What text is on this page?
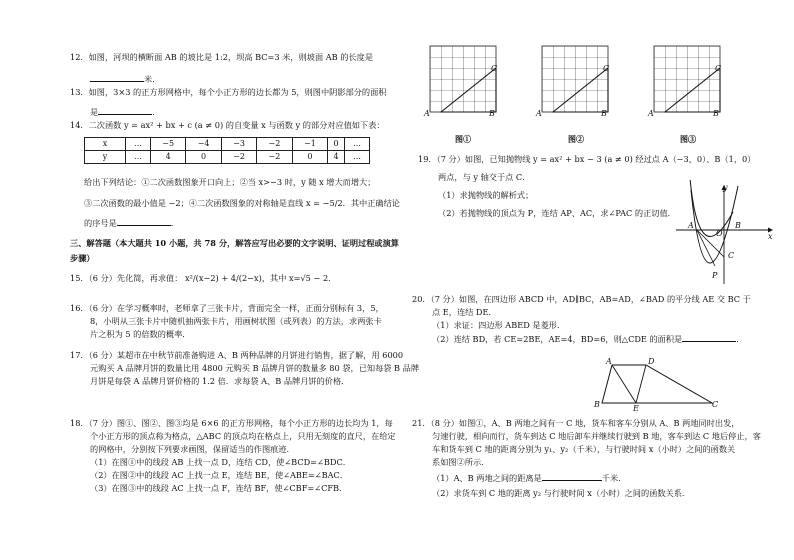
12．如图，河坝的横断面 AB 的坡比是 1:2，坝高 BC=3 米，则坡面 AB 的长度是
米．
13．如图，3×3 的正方形网格中，每个小正方形的边长都为 5，则图中阴影部分的面积
是	．
14．二次函数 y = ax² + bx + c (a ≠ 0) 的自变量 x 与函数 y 的部分对应值如下表：
x	…	−5	−4	−3	−2	−1	0	…
y	…	4	0	−2	−2	0	4	…
给出下列结论：①二次函数图象开口向上；②当 x>−3 时，y 随 x 增大而增大；
③二次函数的最小值是 −2；④二次函数图象的对称轴是直线 x = −5/2．其中正确结论
的序号是	．
三、解答题（本大题共 10 小题，共 78 分，解答应写出必要的文字说明、证明过程或演算
步骤）
15．（6 分）先化简，再求值： x²/(x−2) + 4/(2−x)，其中 x=√5 − 2．
16．（6 分）在学习概率时，老师拿了三张卡片，背面完全一样，正面分别标有 3，5，
8，小明从三张卡片中随机抽两张卡片，用画树状图（或列表）的方法，求两张卡
片之积为 5 的倍数的概率．
17．（6 分）某超市在中秋节前准备购进 A、B 两种品牌的月饼进行销售，据了解，用 6000
元购买 A 品牌月饼的数量比用 4800 元购买 B 品牌月饼的数量多 80 袋，已知每袋 B 品牌
月饼是每袋 A 品牌月饼价格的 1.2 倍．求每袋 A、B 品牌月饼的价格．
18．（7 分）图①、图②、图③均是 6×6 的正方形网格，每个小正方形的边长均为 1，每
个小正方形的顶点称为格点，△ABC 的顶点均在格点上，只用无刻度的直尺，在给定
的网格中，分别按下列要求画图，保留适当的作图痕迹．
（1）在图①中的线段 AB 上找一点 D，连结 CD，使∠BCD=∠BDC．
（2）在图②中的线段 AC 上找一点 E，连结 BE，使∠ABE=∠BAC．
（3）在图③中的线段 AC 上找一点 F，连结 BF，使∠CBF=∠CFB．
A	B
C
A	B
C
A	B
C
图①	图②	图③
19．（7 分）如图，已知抛物线 y = ax² + bx − 3 (a ≠ 0) 经过点 A（−3，0）、B（1，0）
两点，与 y 轴交于点 C．
（1）求抛物线的解析式；
（2）若抛物线的顶点为 P，连结 AP、AC，求∠PAC 的正切值．
y
x
A
O
B
C
P
20．（7 分）如图，在四边形 ABCD 中，AD∥BC，AB=AD，∠BAD 的平分线 AE 交 BC 于
点 E，连结 DE．
（1）求证：四边形 ABED 是菱形．
（2）连结 BD，若 CE=2BE，AE=4，BD=6，则△CDE 的面积是	．
A	D
B	E	C
21．（8 分）如图①，A、B 两地之间有一 C 地，货车和客车分别从 A、B 两地同时出发，
匀速行驶，相向而行，货车到达 C 地后卸车并继续行驶到 B 地，客车到达 C 地后停止，客
车和货车到 C 地的距离分别为 y₁、y₂（千米），与行驶时间 x（小时）之间的函数关
系如图②所示．
（1）A、B 两地之间的距离是	千米．
（2）求货车到 C 地的距离 y₂ 与行驶时间 x（小时）之间的函数关系．
